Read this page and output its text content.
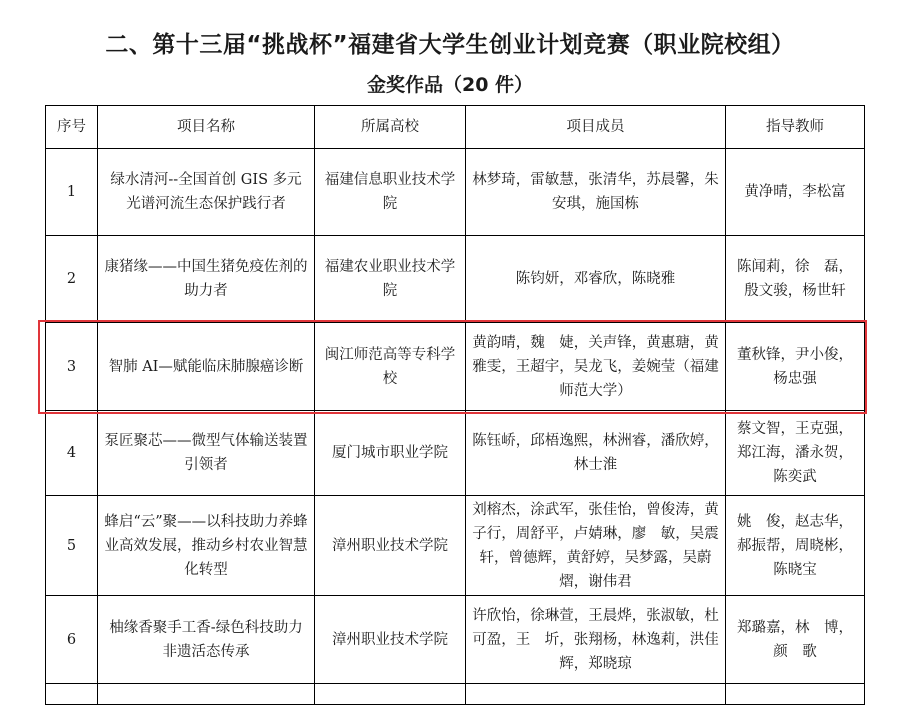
二、第十三届“挑战杯”福建省大学生创业计划竞赛（职业院校组）
金奖作品（20 件）
序号	项目名称	所属高校	项目成员	指导教师
1	绿水清河--全国首创 GIS 多元光谱河流生态保护践行者	福建信息职业技术学院	林梦琦，雷敏慧，张清华，苏晨馨，朱安琪，施国栋	黄净晴，李松富
2	康猪缘——中国生猪免疫佐剂的助力者	福建农业职业技术学院	陈钧妍，邓睿欣，陈晓雅	陈闻莉，徐　磊，殷文骏，杨世轩
3	智肺 AI—赋能临床肺腺癌诊断	闽江师范高等专科学校	黄韵晴，魏　婕，关声锋，黄惠瑭，黄雅雯，王超宇，吴龙飞，姜婉莹（福建师范大学）	董秋锋，尹小俊，杨忠强
4	泵匠聚芯——微型气体输送装置引领者	厦门城市职业学院	陈钰峤，邱梧逸熙，林洲睿，潘欣婷，林士淮	蔡文智，王克强，郑江海，潘永贺，陈奕武
5	蜂启“云”聚——以科技助力养蜂业高效发展，推动乡村农业智慧化转型	漳州职业技术学院	刘榕杰，涂武军，张佳怡，曾俊涛，黄子行，周舒平，卢婧琳，廖　敏，吴震轩，曾德辉，黄舒婷，吴梦露，吴蔚熠，谢伟君	姚　俊，赵志华，郝振帮，周晓彬，陈晓宝
6	柚缘香聚手工香-绿色科技助力非遗活态传承	漳州职业技术学院	许欣怡，徐琳萱，王晨烨，张淑敏，杜可盈，王　圻，张翔杨，林逸莉，洪佳辉，郑晓琼	郑璐嘉，林　博，颜　歌
